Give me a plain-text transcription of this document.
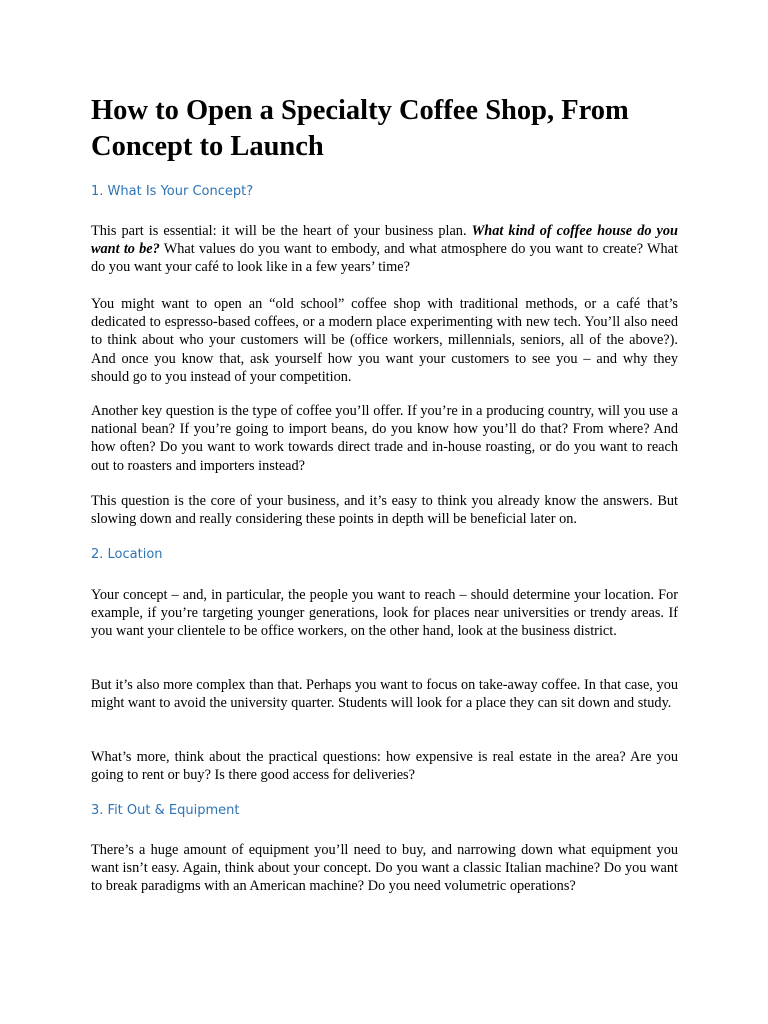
How to Open a Specialty Coffee Shop, From Concept to Launch
1. What Is Your Concept?

This part is essential: it will be the heart of your business plan. What kind of coffee house do you want to be? What values do you want to embody, and what atmosphere do you want to create? What do you want your café to look like in a few years’ time?

You might want to open an “old school” coffee shop with traditional methods, or a café that’s dedicated to espresso-based coffees, or a modern place experimenting with new tech. You’ll also need to think about who your customers will be (office workers, millennials, seniors, all of the above?). And once you know that, ask yourself how you want your customers to see you – and why they should go to you instead of your competition.

Another key question is the type of coffee you’ll offer. If you’re in a producing country, will you use a national bean? If you’re going to import beans, do you know how you’ll do that? From where? And how often? Do you want to work towards direct trade and in-house roasting, or do you want to reach out to roasters and importers instead?

This question is the core of your business, and it’s easy to think you already know the answers. But slowing down and really considering these points in depth will be beneficial later on.

2. Location

Your concept – and, in particular, the people you want to reach – should determine your location. For example, if you’re targeting younger generations, look for places near universities or trendy areas. If you want your clientele to be office workers, on the other hand, look at the business district.

But it’s also more complex than that. Perhaps you want to focus on take-away coffee. In that case, you might want to avoid the university quarter. Students will look for a place they can sit down and study.

What’s more, think about the practical questions: how expensive is real estate in the area? Are you going to rent or buy? Is there good access for deliveries?

3. Fit Out & Equipment

There’s a huge amount of equipment you’ll need to buy, and narrowing down what equipment you want isn’t easy. Again, think about your concept. Do you want a classic Italian machine? Do you want to break paradigms with an American machine? Do you need volumetric operations?
